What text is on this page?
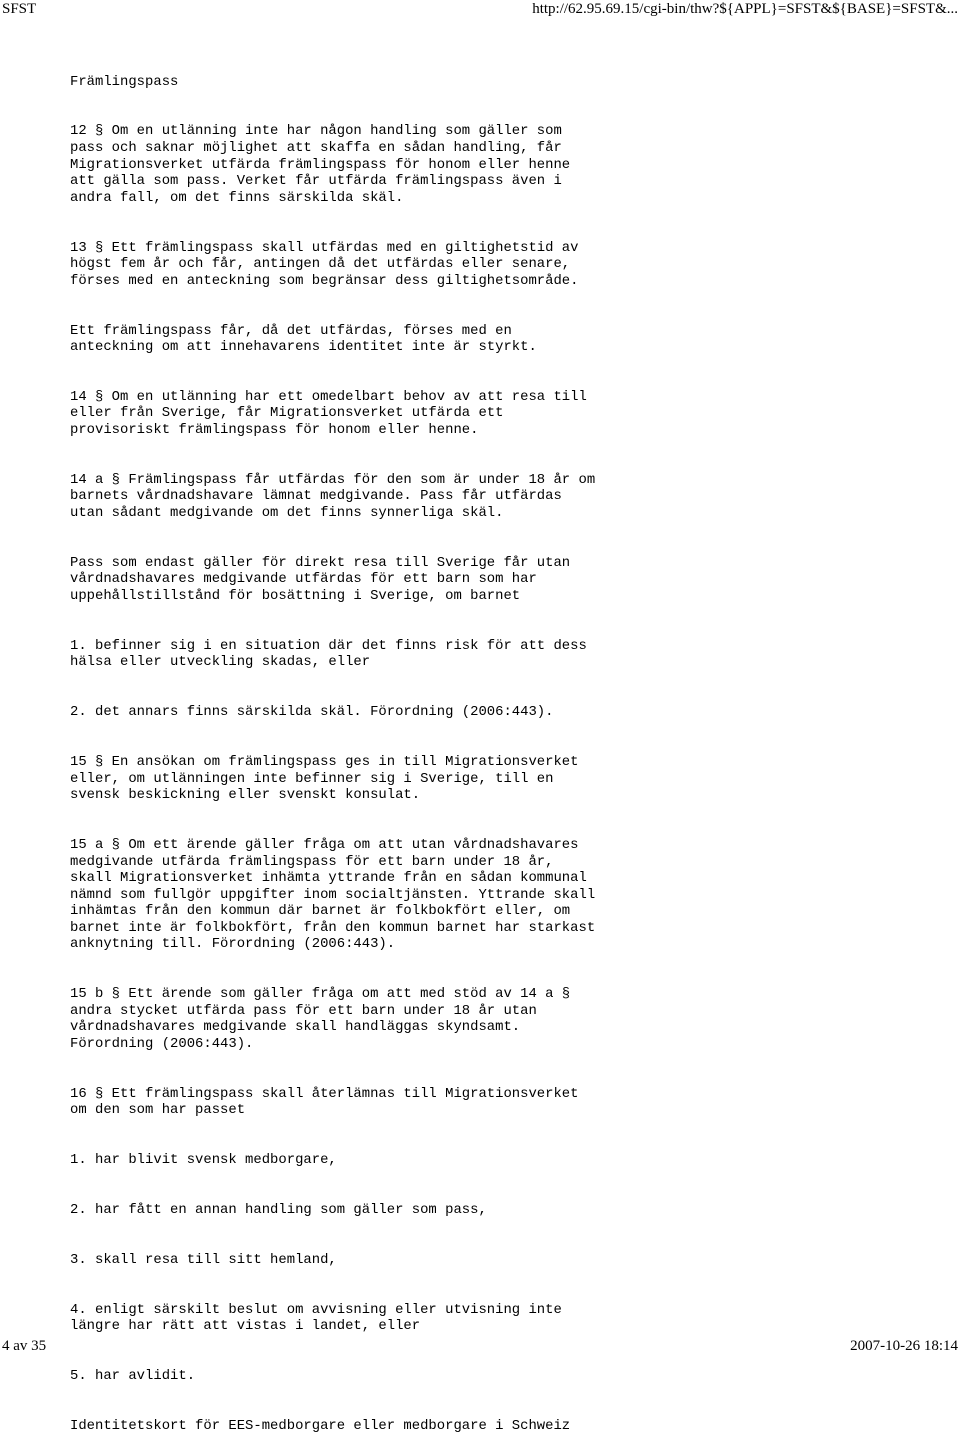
SFST	http://62.95.69.15/cgi-bin/thw?${APPL}=SFST&${BASE}=SFST&...

Främlingspass

12 § Om en utlänning inte har någon handling som gäller som
pass och saknar möjlighet att skaffa en sådan handling, får
Migrationsverket utfärda främlingspass för honom eller henne
att gälla som pass. Verket får utfärda främlingspass även i
andra fall, om det finns särskilda skäl.

13 § Ett främlingspass skall utfärdas med en giltighetstid av
högst fem år och får, antingen då det utfärdas eller senare,
förses med en anteckning som begränsar dess giltighetsområde.

Ett främlingspass får, då det utfärdas, förses med en
anteckning om att innehavarens identitet inte är styrkt.

14 § Om en utlänning har ett omedelbart behov av att resa till
eller från Sverige, får Migrationsverket utfärda ett
provisoriskt främlingspass för honom eller henne.

14 a § Främlingspass får utfärdas för den som är under 18 år om
barnets vårdnadshavare lämnat medgivande. Pass får utfärdas
utan sådant medgivande om det finns synnerliga skäl.

Pass som endast gäller för direkt resa till Sverige får utan
vårdnadshavares medgivande utfärdas för ett barn som har
uppehållstillstånd för bosättning i Sverige, om barnet

1. befinner sig i en situation där det finns risk för att dess
hälsa eller utveckling skadas, eller

2. det annars finns särskilda skäl. Förordning (2006:443).

15 § En ansökan om främlingspass ges in till Migrationsverket
eller, om utlänningen inte befinner sig i Sverige, till en
svensk beskickning eller svenskt konsulat.

15 a § Om ett ärende gäller fråga om att utan vårdnadshavares
medgivande utfärda främlingspass för ett barn under 18 år,
skall Migrationsverket inhämta yttrande från en sådan kommunal
nämnd som fullgör uppgifter inom socialtjänsten. Yttrande skall
inhämtas från den kommun där barnet är folkbokfört eller, om
barnet inte är folkbokfört, från den kommun barnet har starkast
anknytning till. Förordning (2006:443).

15 b § Ett ärende som gäller fråga om att med stöd av 14 a §
andra stycket utfärda pass för ett barn under 18 år utan
vårdnadshavares medgivande skall handläggas skyndsamt.
Förordning (2006:443).

16 § Ett främlingspass skall återlämnas till Migrationsverket
om den som har passet

1. har blivit svensk medborgare,

2. har fått en annan handling som gäller som pass,

3. skall resa till sitt hemland,

4. enligt särskilt beslut om avvisning eller utvisning inte
längre har rätt att vistas i landet, eller

5. har avlidit.

Identitetskort för EES-medborgare eller medborgare i Schweiz

4 av 35	2007-10-26 18:14
